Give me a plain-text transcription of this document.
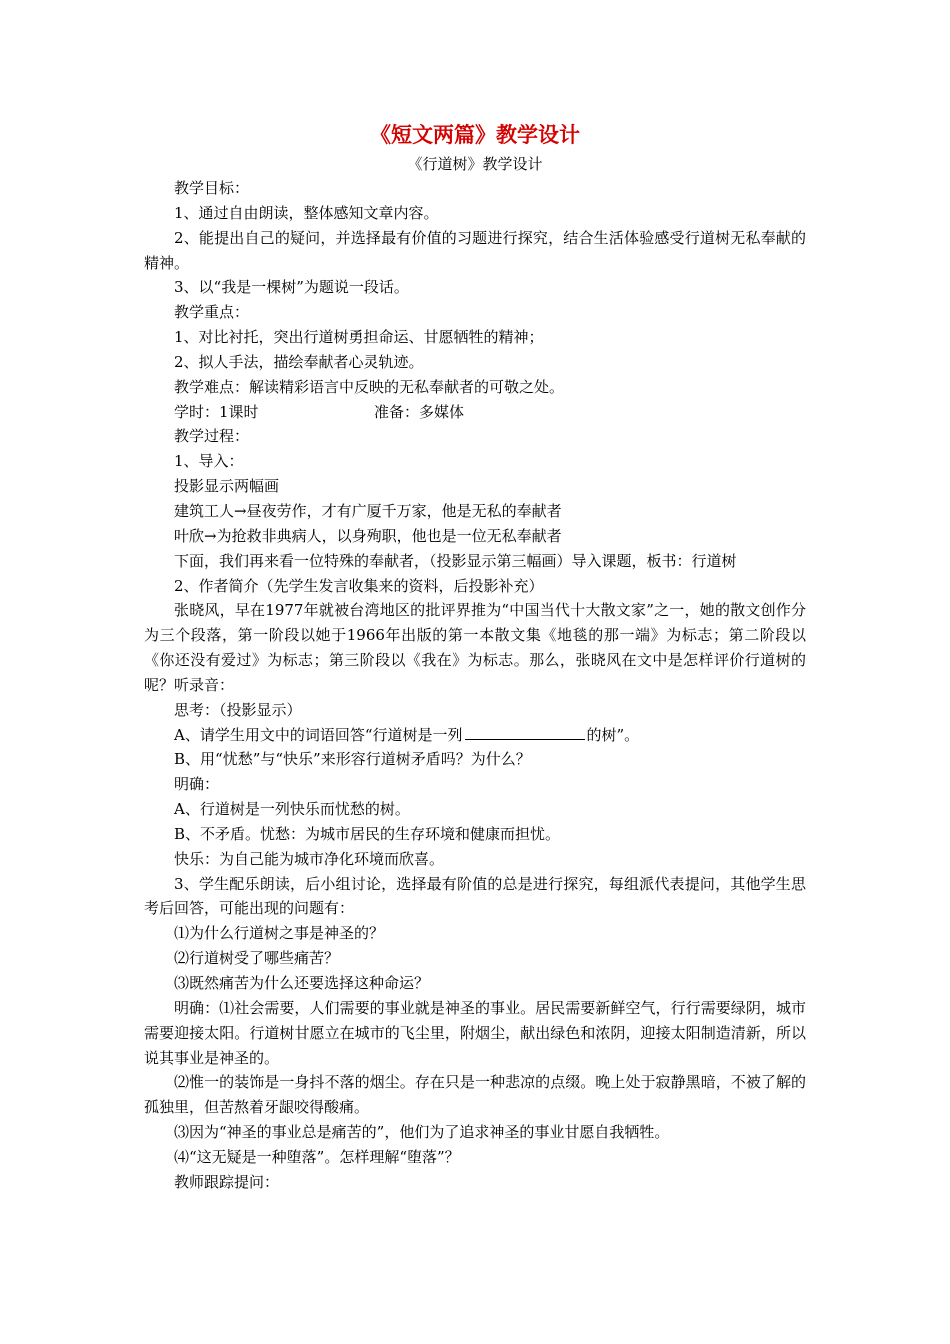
《短文两篇》教学设计
《行道树》教学设计

教学目标：

1、通过自由朗读，整体感知文章内容。

2、能提出自己的疑问，并选择最有价值的习题进行探究，结合生活体验感受行道树无私奉献的精神。

3、以“我是一棵树”为题说一段话。

教学重点：

1、对比衬托，突出行道树勇担命运、甘愿牺牲的精神；

2、拟人手法，描绘奉献者心灵轨迹。

教学难点：解读精彩语言中反映的无私奉献者的可敬之处。

学时：1课时	准备：多媒体

教学过程：

1、导入：

投影显示两幅画

建筑工人→昼夜劳作，才有广厦千万家，他是无私的奉献者

叶欣→为抢救非典病人，以身殉职，他也是一位无私奉献者

下面，我们再来看一位特殊的奉献者，（投影显示第三幅画）导入课题，板书：行道树

2、作者简介（先学生发言收集来的资料，后投影补充）

张晓风，早在1977年就被台湾地区的批评界推为“中国当代十大散文家”之一，她的散文创作分为三个段落，第一阶段以她于1966年出版的第一本散文集《地毯的那一端》为标志；第二阶段以《你还没有爱过》为标志；第三阶段以《我在》为标志。那么，张晓风在文中是怎样评价行道树的呢？听录音：

思考：（投影显示）

A、请学生用文中的词语回答“行道树是一列	的树”。

B、用“忧愁”与“快乐”来形容行道树矛盾吗？为什么？

明确：

A、行道树是一列快乐而忧愁的树。

B、不矛盾。忧愁：为城市居民的生存环境和健康而担忧。

快乐：为自己能为城市净化环境而欣喜。

3、学生配乐朗读，后小组讨论，选择最有阶值的总是进行探究，每组派代表提问，其他学生思考后回答，可能出现的问题有：

⑴为什么行道树之事是神圣的？

⑵行道树受了哪些痛苦？

⑶既然痛苦为什么还要选择这种命运？

明确：⑴社会需要，人们需要的事业就是神圣的事业。居民需要新鲜空气，行行需要绿阴，城市需要迎接太阳。行道树甘愿立在城市的飞尘里，附烟尘，献出绿色和浓阴，迎接太阳制造清新，所以说其事业是神圣的。

⑵惟一的装饰是一身抖不落的烟尘。存在只是一种悲凉的点缀。晚上处于寂静黑暗，不被了解的孤独里，但苦熬着牙龈咬得酸痛。

⑶因为“神圣的事业总是痛苦的”，他们为了追求神圣的事业甘愿自我牺牲。

⑷“这无疑是一种堕落”。怎样理解“堕落”？

教师跟踪提问：
